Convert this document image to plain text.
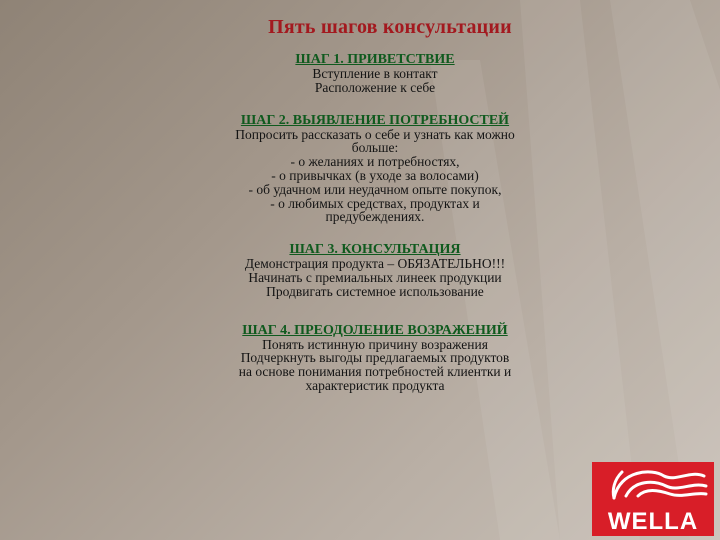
Пять шагов консультации
ШАГ 1. ПРИВЕТСТВИЕ
Вступление в контакт
Расположение к себе
ШАГ 2. ВЫЯВЛЕНИЕ ПОТРЕБНОСТЕЙ
Попросить рассказать о себе и узнать как можно
больше:
- о желаниях и потребностях,
- о привычках (в уходе за волосами)
- об удачном или неудачном опыте покупок,
- о любимых средствах, продуктах и
предубеждениях.
ШАГ 3. КОНСУЛЬТАЦИЯ
Демонстрация продукта – ОБЯЗАТЕЛЬНО!!!
Начинать с премиальных линеек продукции
Продвигать системное использование
ШАГ 4. ПРЕОДОЛЕНИЕ ВОЗРАЖЕНИЙ
Понять истинную причину возражения
Подчеркнуть выгоды предлагаемых продуктов
на основе понимания потребностей клиентки и
характеристик продукта
WELLA
